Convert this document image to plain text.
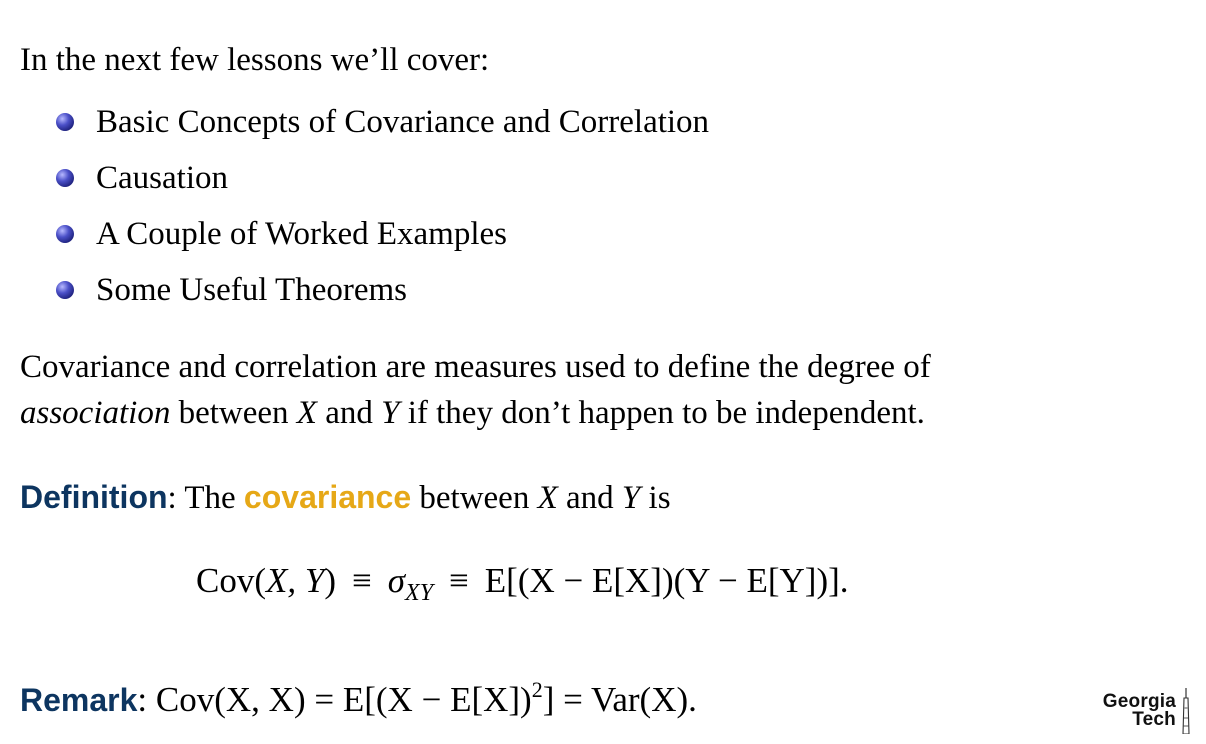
In the next few lessons we’ll cover:

Basic Concepts of Covariance and Correlation
Causation
A Couple of Worked Examples
Some Useful Theorems

Covariance and correlation are measures used to define the degree of
association between X and Y if they don’t happen to be independent.

Definition: The covariance between X and Y is

Cov(X, $Y) \equiv \sigma_{XY} \equiv E[(X - E[X])(Y - E[Y])]$.

Remark: Cov(X, $X) = E[(X - E[X])^2] = Var(X)$.	Georgia
Tech
